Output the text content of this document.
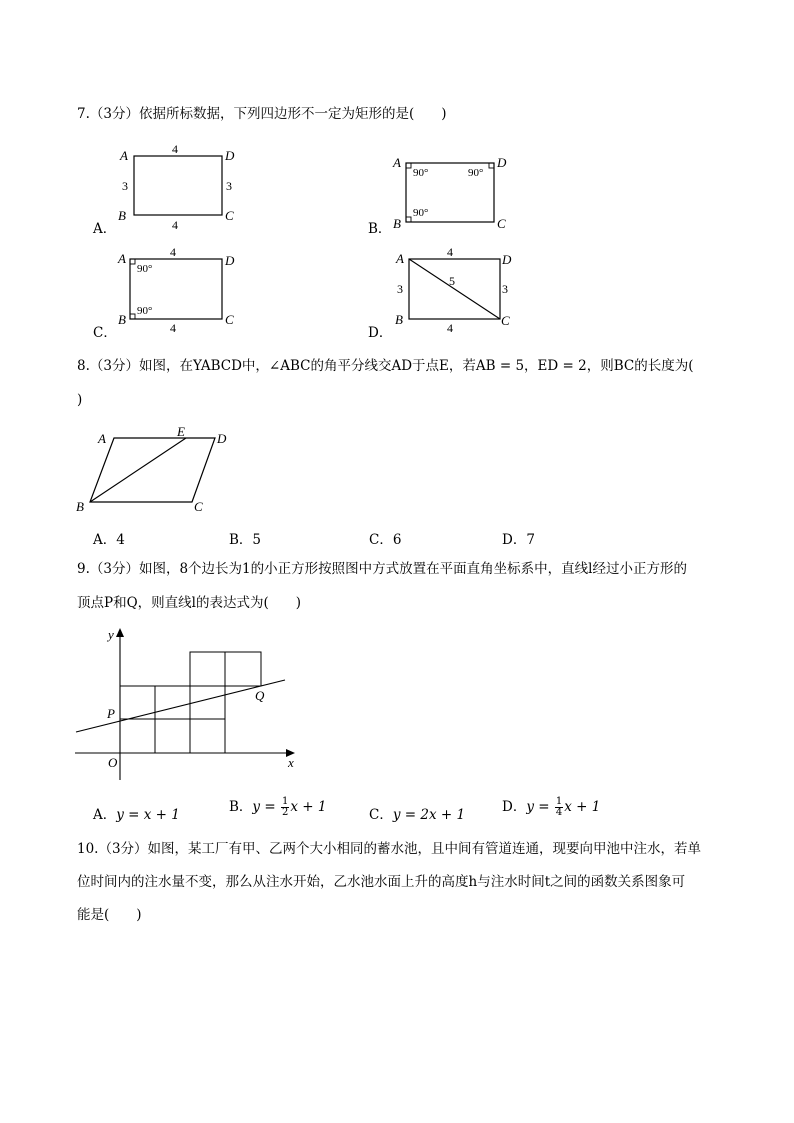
7.（3分）依据所标数据，下列四边形不一定为矩形的是(　　)
A．
A
B	C
D
4
4
3	3
B．
A
B	C
D
90°	90°
90°
C．
A
B	C
D
4
4
90°
90°
D．
A
B	C
D
4
4
3	3
5
8.（3分）如图，在YABCD中，∠ABC的角平分线交AD于点E，若AB = 5，ED = 2，则BC的长度为(
)
A	E D
B	C
A．4	B．5	C．6	D．7
9.（3分）如图，8个边长为1的小正方形按照图中方式放置在平面直角坐标系中，直线l经过小正方形的
顶点P和Q，则直线l的表达式为(　　)
y
x
O
P
Q
A．y = x + 1	B．$y = \frac{1}{2}$ x + 1	C．y = 2x + 1	D．$y = \frac{1}{4}$ x + 1
10.（3分）如图，某工厂有甲、乙两个大小相同的蓄水池，且中间有管道连通，现要向甲池中注水，若单
位时间内的注水量不变，那么从注水开始，乙水池水面上升的高度h与注水时间t之间的函数关系图象可
能是(　　)
